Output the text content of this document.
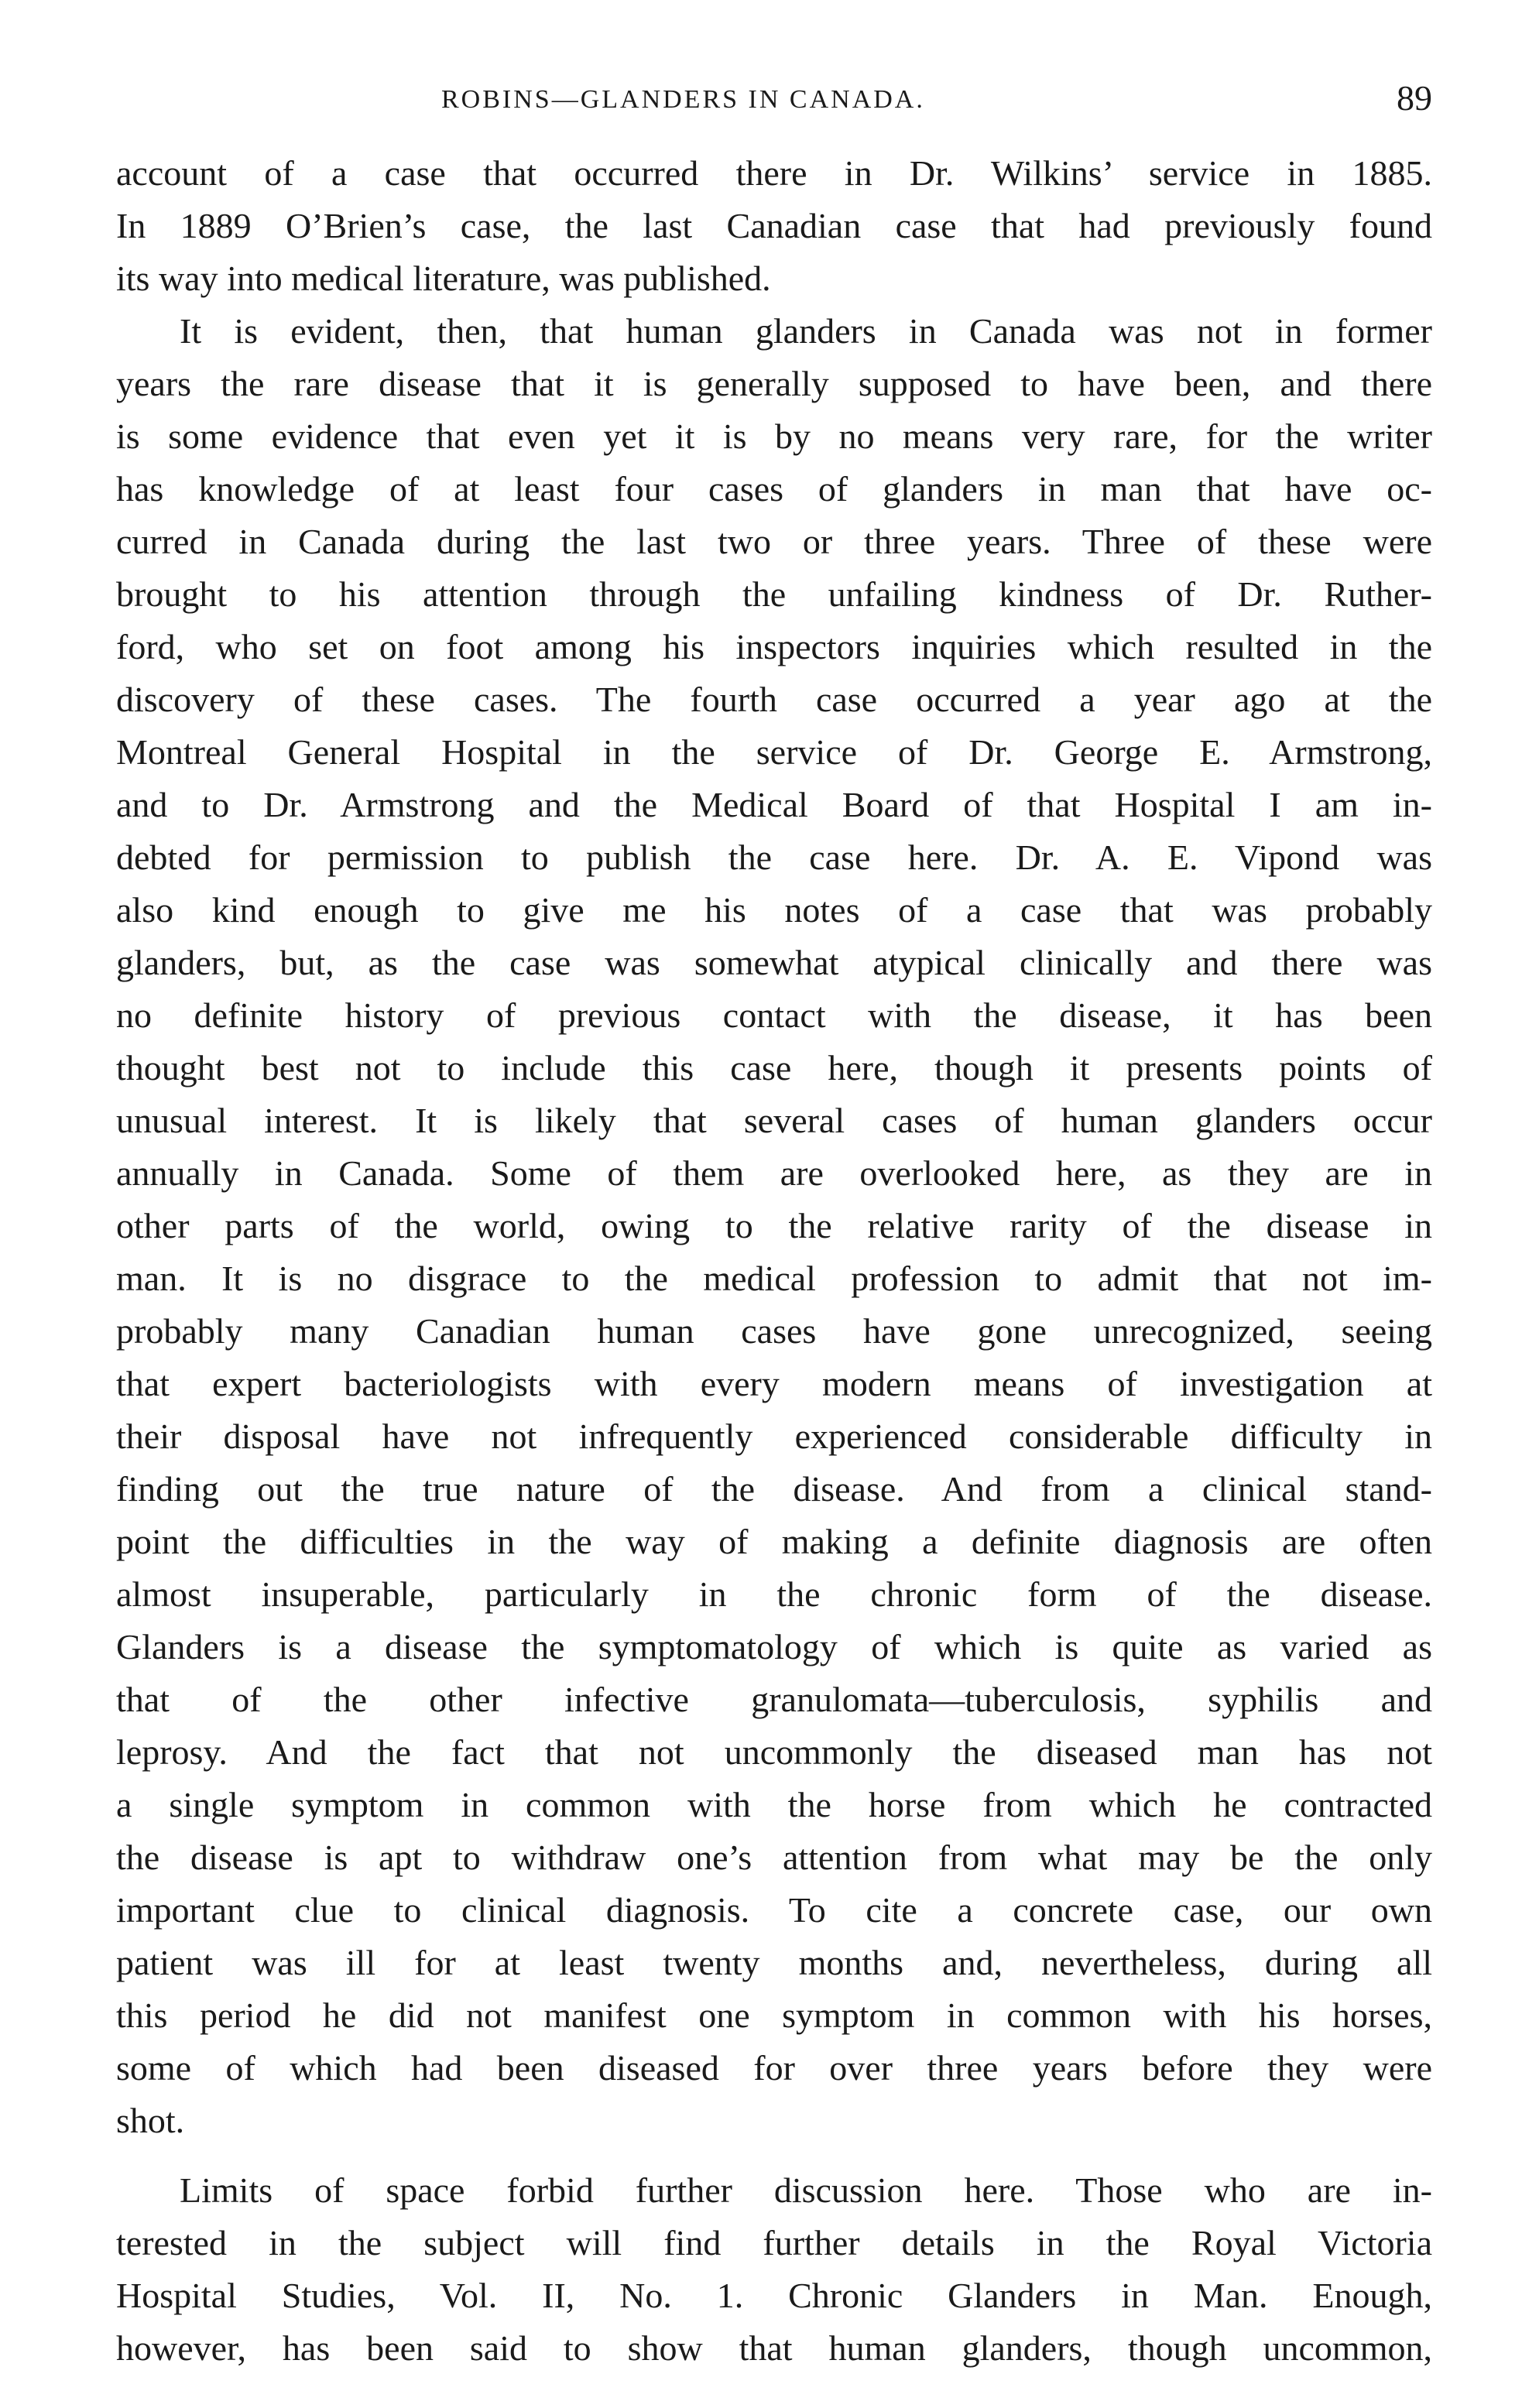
ROBINS—GLANDERS IN CANADA.	89
account of a case that occurred there in Dr. Wilkins’ service in 1885.
In 1889 O’Brien’s case, the last Canadian case that had previously found
its way into medical literature, was published.
It is evident, then, that human glanders in Canada was not in former
years the rare disease that it is generally supposed to have been, and there
is some evidence that even yet it is by no means very rare, for the writer
has knowledge of at least four cases of glanders in man that have oc-
curred in Canada during the last two or three years. Three of these were
brought to his attention through the unfailing kindness of Dr. Ruther-
ford, who set on foot among his inspectors inquiries which resulted in the
discovery of these cases. The fourth case occurred a year ago at the
Montreal General Hospital in the service of Dr. George E. Armstrong,
and to Dr. Armstrong and the Medical Board of that Hospital I am in-
debted for permission to publish the case here. Dr. A. E. Vipond was
also kind enough to give me his notes of a case that was probably
glanders, but, as the case was somewhat atypical clinically and there was
no definite history of previous contact with the disease, it has been
thought best not to include this case here, though it presents points of
unusual interest. It is likely that several cases of human glanders occur
annually in Canada. Some of them are overlooked here, as they are in
other parts of the world, owing to the relative rarity of the disease in
man. It is no disgrace to the medical profession to admit that not im-
probably many Canadian human cases have gone unrecognized, seeing
that expert bacteriologists with every modern means of investigation at
their disposal have not infrequently experienced considerable difficulty in
finding out the true nature of the disease. And from a clinical stand-
point the difficulties in the way of making a definite diagnosis are often
almost insuperable, particularly in the chronic form of the disease.
Glanders is a disease the symptomatology of which is quite as varied as
that of the other infective granulomata—tuberculosis, syphilis and
leprosy. And the fact that not uncommonly the diseased man has not
a single symptom in common with the horse from which he contracted
the disease is apt to withdraw one’s attention from what may be the only
important clue to clinical diagnosis. To cite a concrete case, our own
patient was ill for at least twenty months and, nevertheless, during all
this period he did not manifest one symptom in common with his horses,
some of which had been diseased for over three years before they were
shot.
Limits of space forbid further discussion here. Those who are in-
terested in the subject will find further details in the Royal Victoria
Hospital Studies, Vol. II, No. 1. Chronic Glanders in Man. Enough,
however, has been said to show that human glanders, though uncommon,
